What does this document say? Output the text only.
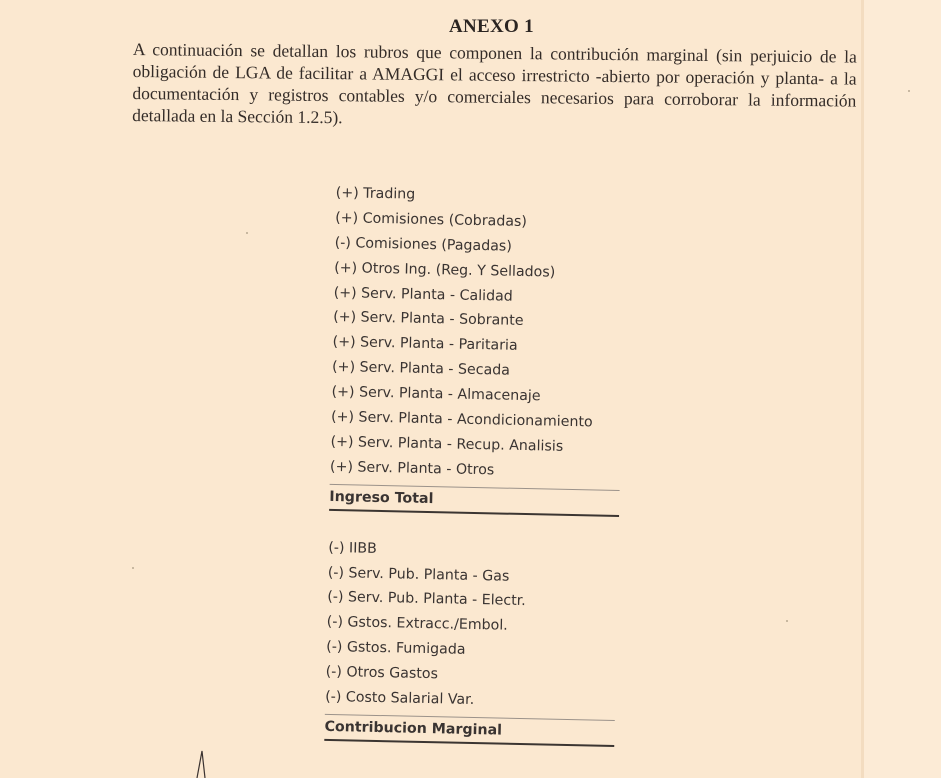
ANEXO 1
A continuación se detallan los rubros que componen la contribución marginal (sin perjuicio de la obligación de LGA de facilitar a AMAGGI el acceso irrestricto -abierto por operación y planta- a la documentación y registros contables y/o comerciales necesarios para corroborar la información detallada en la Sección 1.2.5).
(+) Trading
(+) Comisiones (Cobradas)
(-) Comisiones (Pagadas)
(+) Otros Ing. (Reg. Y Sellados)
(+) Serv. Planta - Calidad
(+) Serv. Planta - Sobrante
(+) Serv. Planta - Paritaria
(+) Serv. Planta - Secada
(+) Serv. Planta - Almacenaje
(+) Serv. Planta - Acondicionamiento
(+) Serv. Planta - Recup. Analisis
(+) Serv. Planta - Otros
Ingreso Total
(-) IIBB
(-) Serv. Pub. Planta - Gas
(-) Serv. Pub. Planta - Electr.
(-) Gstos. Extracc./Embol.
(-) Gstos. Fumigada
(-) Otros Gastos
(-) Costo Salarial Var.
Contribucion Marginal
